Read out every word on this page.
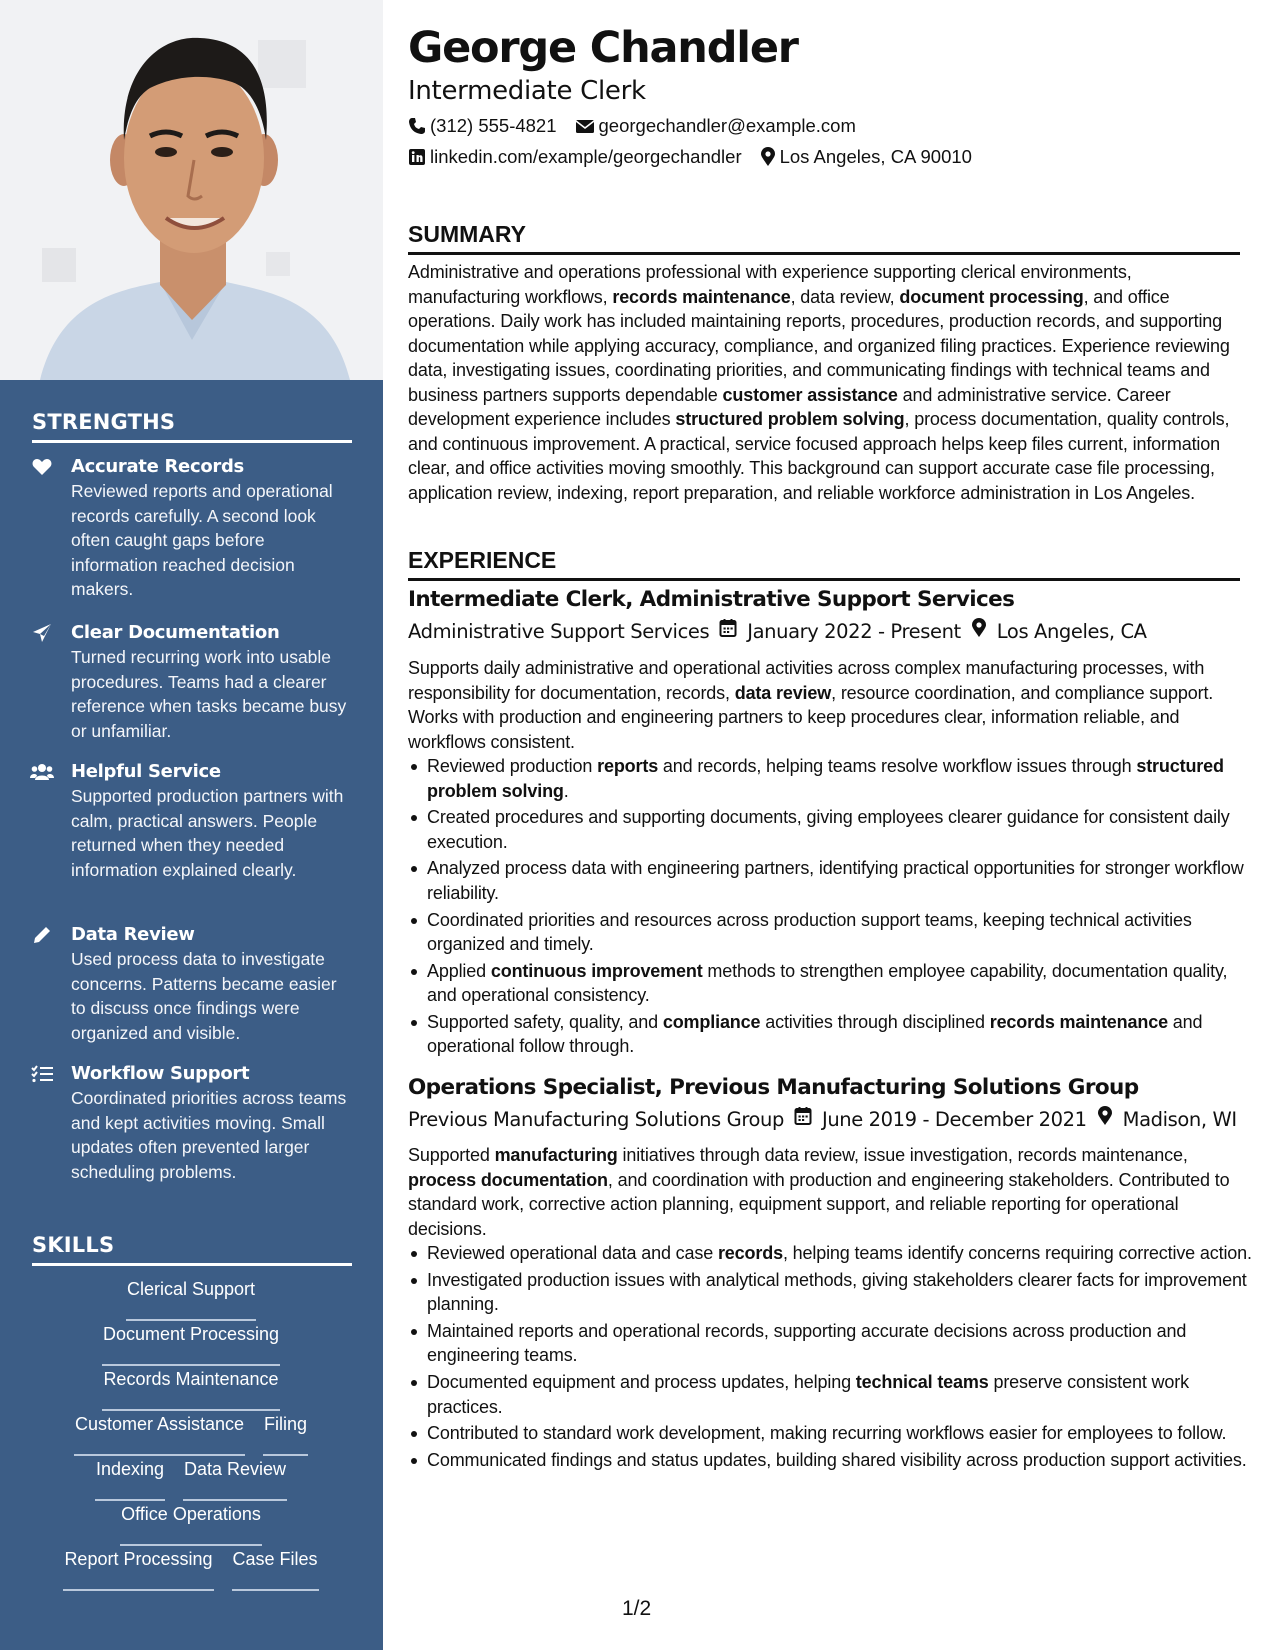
STRENGTHS
Accurate Records
Reviewed reports and operational records carefully. A second look often caught gaps before information reached decision makers.
Clear Documentation
Turned recurring work into usable procedures. Teams had a clearer reference when tasks became busy or unfamiliar.
Helpful Service
Supported production partners with calm, practical answers. People returned when they needed information explained clearly.
Data Review
Used process data to investigate concerns. Patterns became easier to discuss once findings were organized and visible.
Workflow Support
Coordinated priorities across teams and kept activities moving. Small updates often prevented larger scheduling problems.
SKILLS
Clerical Support
Document Processing
Records Maintenance
Customer Assistance Filing
Indexing Data Review
Office Operations
Report Processing Case Files
George Chandler
Intermediate Clerk
(312) 555-4821 georgechandler@example.com
linkedin.com/example/georgechandler Los Angeles, CA 90010
SUMMARY
Administrative and operations professional with experience supporting clerical environments, manufacturing workflows, records maintenance, data review, document processing, and office operations. Daily work has included maintaining reports, procedures, production records, and supporting documentation while applying accuracy, compliance, and organized filing practices. Experience reviewing data, investigating issues, coordinating priorities, and communicating findings with technical teams and business partners supports dependable customer assistance and administrative service. Career development experience includes structured problem solving, process documentation, quality controls, and continuous improvement. A practical, service focused approach helps keep files current, information clear, and office activities moving smoothly. This background can support accurate case file processing, application review, indexing, report preparation, and reliable workforce administration in Los Angeles.
EXPERIENCE
Intermediate Clerk, Administrative Support Services
Administrative Support Services January 2022 - Present Los Angeles, CA
Supports daily administrative and operational activities across complex manufacturing processes, with responsibility for documentation, records, data review, resource coordination, and compliance support. Works with production and engineering partners to keep procedures clear, information reliable, and workflows consistent.
Reviewed production reports and records, helping teams resolve workflow issues through structured problem solving.
Created procedures and supporting documents, giving employees clearer guidance for consistent daily execution.
Analyzed process data with engineering partners, identifying practical opportunities for stronger workflow reliability.
Coordinated priorities and resources across production support teams, keeping technical activities organized and timely.
Applied continuous improvement methods to strengthen employee capability, documentation quality, and operational consistency.
Supported safety, quality, and compliance activities through disciplined records maintenance and operational follow through.
Operations Specialist, Previous Manufacturing Solutions Group
Previous Manufacturing Solutions Group June 2019 - December 2021 Madison, WI
Supported manufacturing initiatives through data review, issue investigation, records maintenance, process documentation, and coordination with production and engineering stakeholders. Contributed to standard work, corrective action planning, equipment support, and reliable reporting for operational decisions.
Reviewed operational data and case records, helping teams identify concerns requiring corrective action.
Investigated production issues with analytical methods, giving stakeholders clearer facts for improvement planning.
Maintained reports and operational records, supporting accurate decisions across production and engineering teams.
Documented equipment and process updates, helping technical teams preserve consistent work practices.
Contributed to standard work development, making recurring workflows easier for employees to follow.
Communicated findings and status updates, building shared visibility across production support activities.
1/2
